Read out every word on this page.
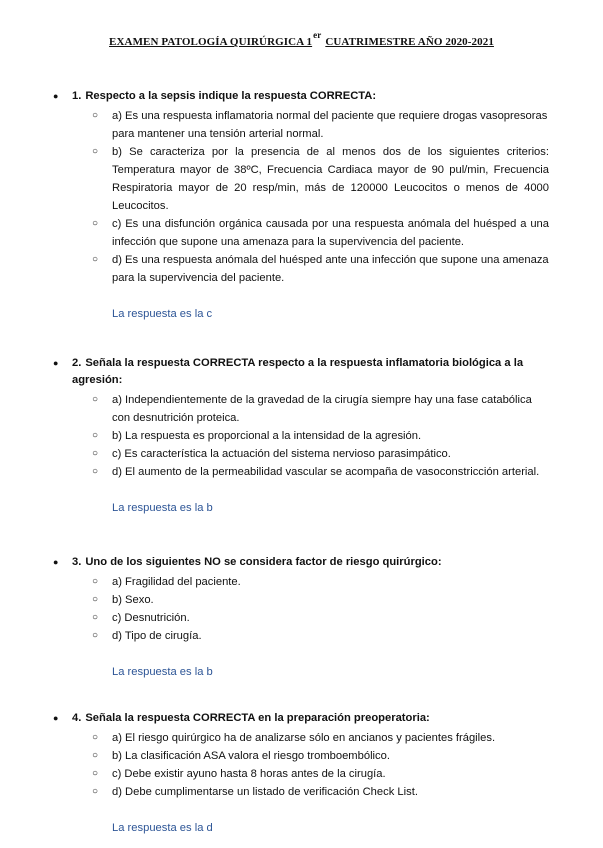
EXAMEN PATOLOGÍA QUIRÚRGICA 1erCUATRIMESTRE AÑO 2020-2021
● 1. Respecto a la sepsis indique la respuesta CORRECTA:
○ a) Es una respuesta inflamatoria normal del paciente que requiere drogas vasopresoras para mantener una tensión arterial normal.
○ b) Se caracteriza por la presencia de al menos dos de los siguientes criterios: Temperatura mayor de 38ºC, Frecuencia Cardiaca mayor de 90 pul/min, Frecuencia Respiratoria mayor de 20 resp/min, más de 120000 Leucocitos o menos de 4000 Leucocitos.
○ c) Es una disfunción orgánica causada por una respuesta anómala del huésped a una infección que supone una amenaza para la supervivencia del paciente.
○ d) Es una respuesta anómala del huésped ante una infección que supone una amenaza para la supervivencia del paciente.
La respuesta es la c
● 2. Señala la respuesta CORRECTA respecto a la respuesta inflamatoria biológica a la agresión:
○ a) Independientemente de la gravedad de la cirugía siempre hay una fase catabólica con desnutrición proteica.
○ b) La respuesta es proporcional a la intensidad de la agresión.
○ c) Es característica la actuación del sistema nervioso parasimpático.
○ d) El aumento de la permeabilidad vascular se acompaña de vasoconstricción arterial.
La respuesta es la b
● 3. Uno de los siguientes NO se considera factor de riesgo quirúrgico:
○ a) Fragilidad del paciente.
○ b) Sexo.
○ c) Desnutrición.
○ d) Tipo de cirugía.
La respuesta es la b
● 4. Señala la respuesta CORRECTA en la preparación preoperatoria:
○ a) El riesgo quirúrgico ha de analizarse sólo en ancianos y pacientes frágiles.
○ b) La clasificación ASA valora el riesgo tromboembólico.
○ c) Debe existir ayuno hasta 8 horas antes de la cirugía.
○ d) Debe cumplimentarse un listado de verificación Check List.
La respuesta es la d
